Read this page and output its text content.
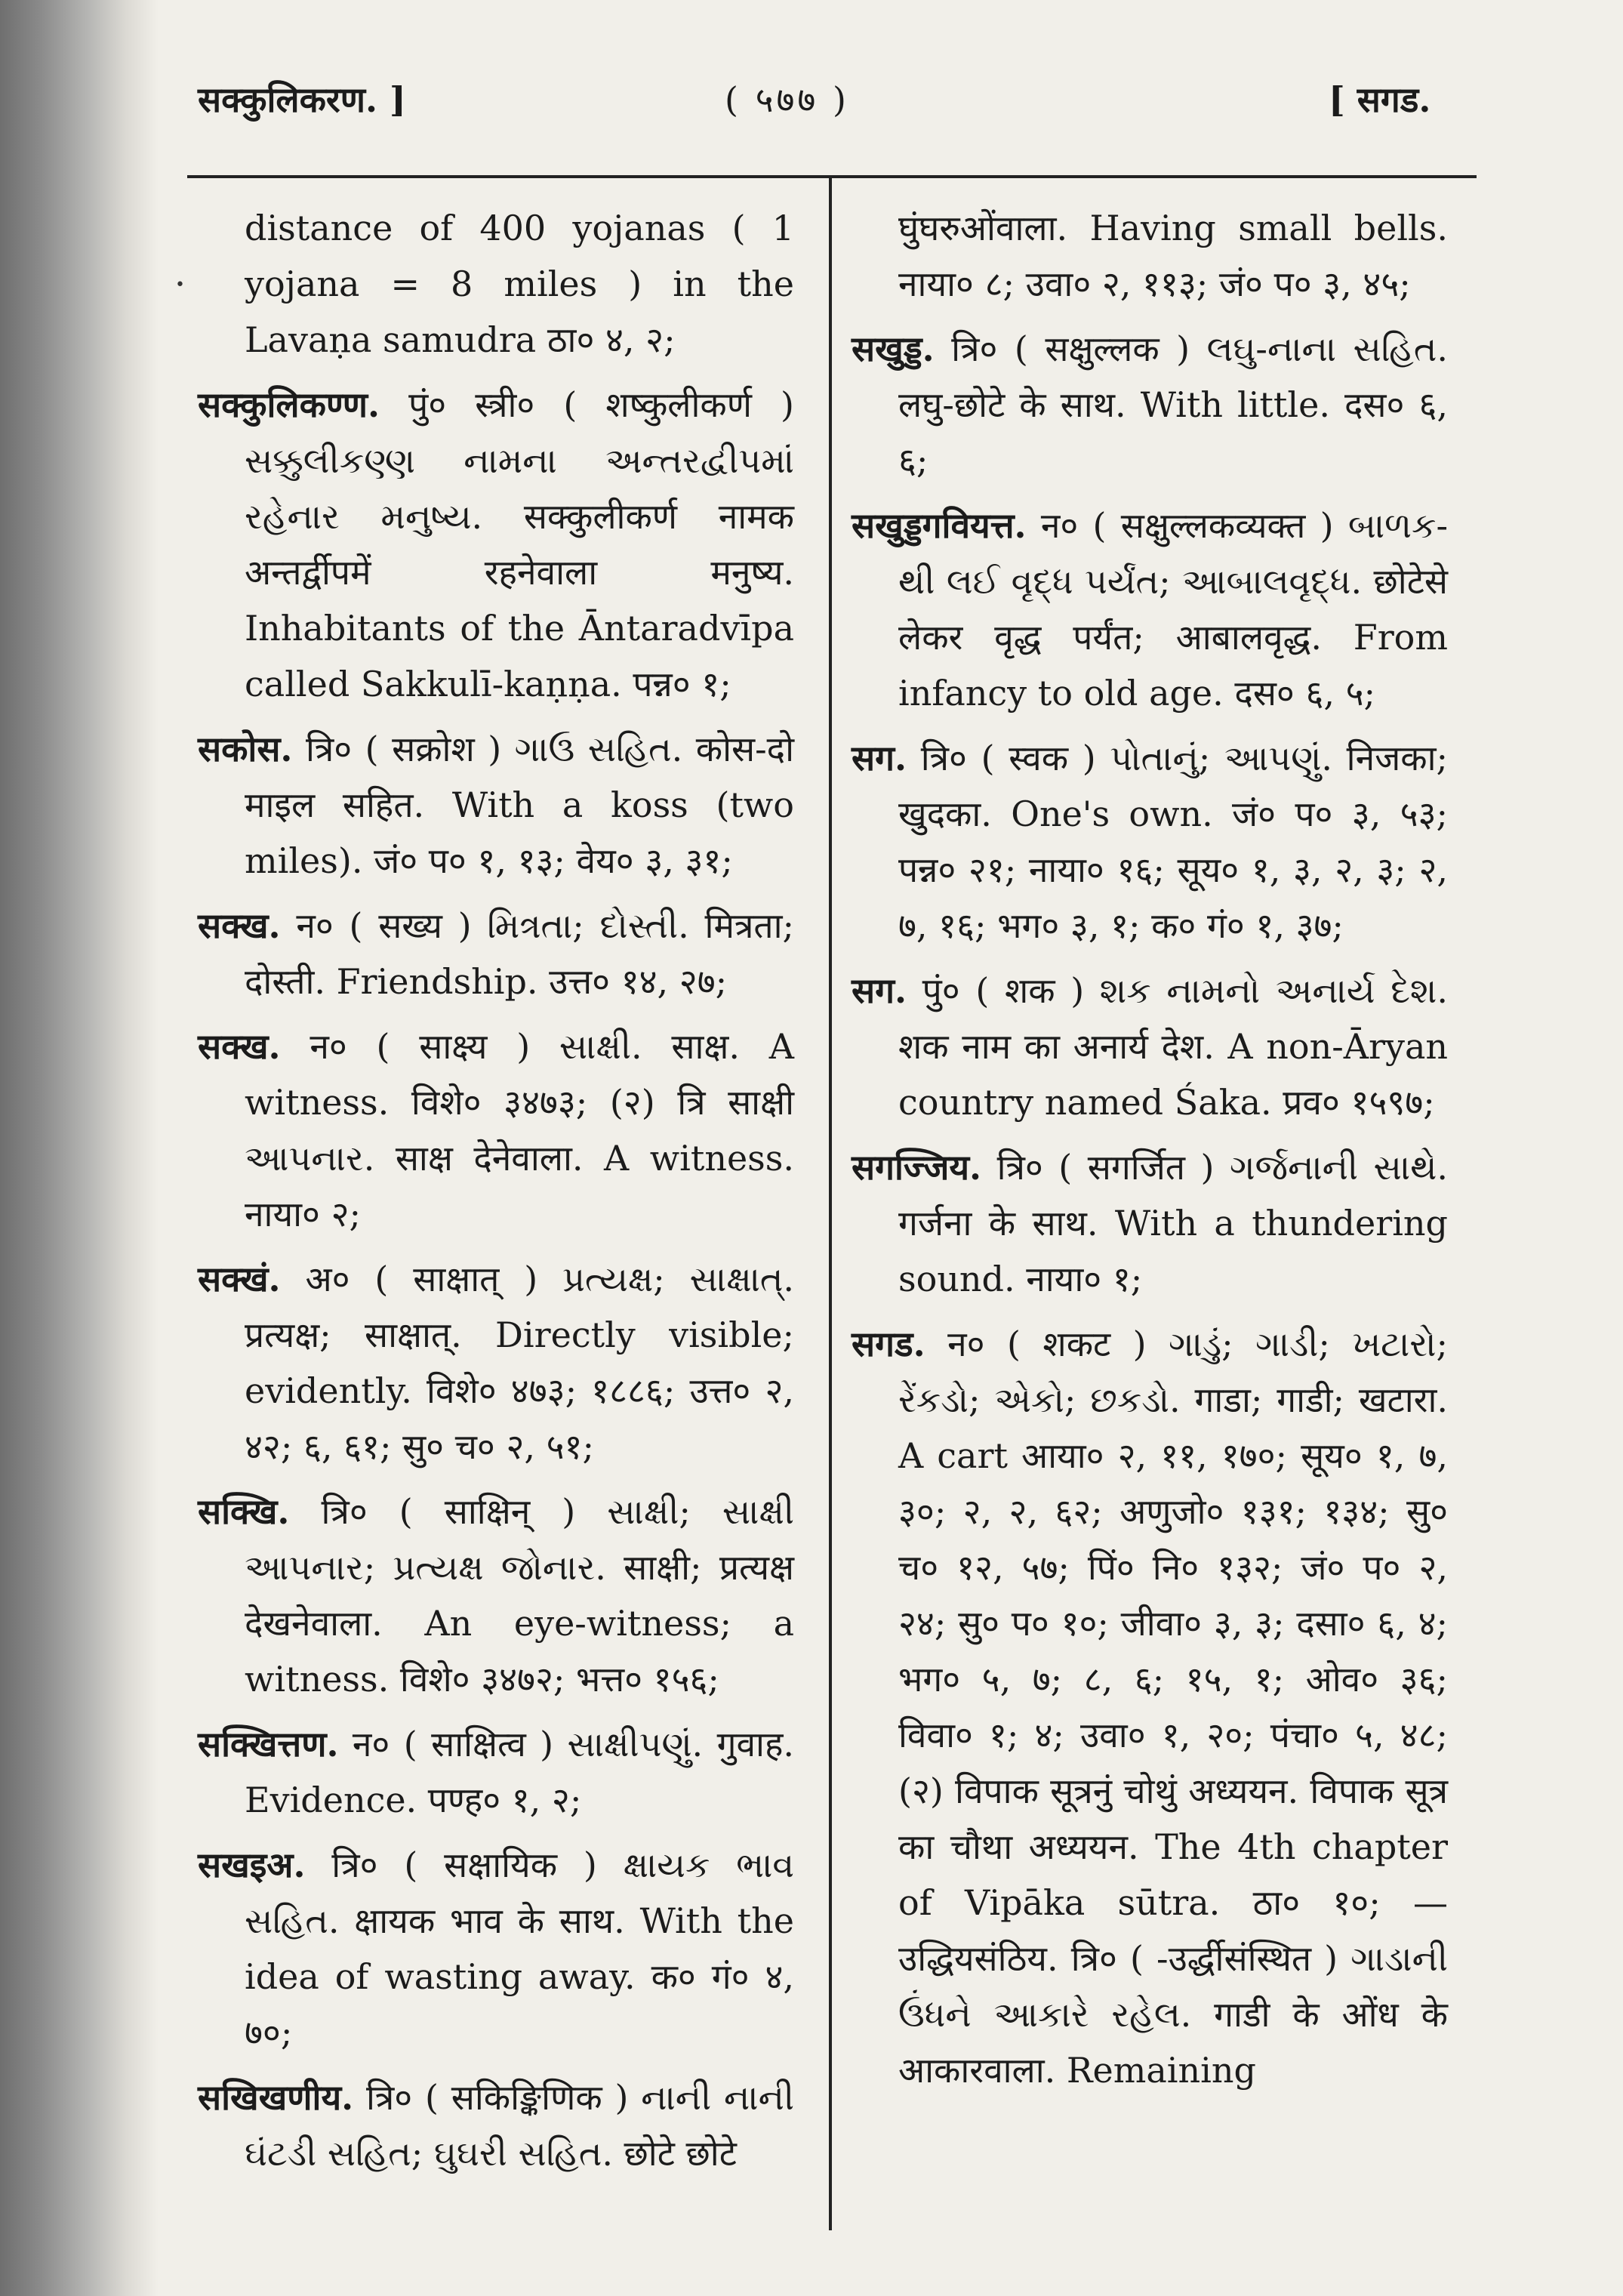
•
सक्कुलिकरण. ]	( ५७७ )	[ सगड.

distance of 400 yojanas ( 1 yojana = 8 miles ) in the Lavaṇa samudra ठा० ४, २;

सक्कुलिकण्ण. पुं० स्त्री० ( शष्कुलीकर्ण ) સક્કુલીકણ્ણ નામના અન્તરદ્વીપમાં રહેનાર મનુષ્ય. सक्कुलीकर्ण नामक अन्तर्द्वीपमें रहनेवाला मनुष्य. Inhabitants of the Āntaradvīpa called Sakkulī-kaṇṇa. पन्न० १;

सकोस. त्रि० ( सक्रोश ) ગાઉ સહિત. कोस-दो माइल सहित. With a koss (two miles). जं० प० १, १३; वेय० ३, ३१;

सक्ख. न० ( सख्य ) મિત્રતા; દોસ્તી. मित्रता; दोस्ती. Friendship. उत्त० १४, २७;

सक्ख. न० ( साक्ष्य ) સાક્ષી. साक्ष. A witness. विशे० ३४७३; (२) त्रि साक्षी આપનાર. साक्ष देनेवाला. A witness. नाया० २;

सक्खं. अ० ( साक्षात् ) પ્રત્યક્ષ; સાક્ષાત્. प्रत्यक्ष; साक्षात्. Directly visible; evidently. विशे० ४७३; १८८६; उत्त० २, ४२; ६, ६१; सु० च० २, ५१;

सक्खि. त्रि० ( साक्षिन् ) સાક્ષી; સાક્ષી આપનાર; પ્રત્યક્ષ જોનાર. साक्षी; प्रत्यक्ष देखनेवाला. An eye-witness; a witness. विशे० ३४७२; भत्त० १५६;

सक्खित्तण. न० ( साक्षित्व ) સાક્ષીપણું. गुवाह. Evidence. पण्ह० १, २;

सखइअ. त्रि० ( सक्षायिक ) ક્ષાયક ભાવ સહિત. क्षायक भाव के साथ. With the idea of wasting away. क० गं० ४, ७०;

सखिखणीय. त्रि० ( सकिङ्किणिक ) નાની નાની ઘંટડી સહિત; ઘુઘરી સહિત. छोटे छोटे

घुंघरुओंवाला. Having small bells. नाया० ८; उवा० २, ११३; जं० प० ३, ४५;

सखुड्ड. त्रि० ( सक्षुल्लक ) લઘુ-નાના સહિત. लघु-छोटे के साथ. With little. दस० ६, ६;

सखुड्डगवियत्त. न० ( सक्षुल्लकव्यक्त ) બાળક-થી લઈ વૃદ્ધ પર્યંત; આબાલવૃદ્ધ. छोटेसे लेकर वृद्ध पर्यंत; आबालवृद्ध. From infancy to old age. दस० ६, ५;

सग. त्रि० ( स्वक ) પોતાનું; આપણું. निजका; खुदका. One's own. जं० प० ३, ५३; पन्न० २१; नाया० १६; सूय० १, ३, २, ३; २, ७, १६; भग० ३, १; क० गं० १, ३७;

सग. पुं० ( शक ) શક નામનો અનાર્ય દેશ. शक नाम का अनार्य देश. A non-Āryan country named Śaka. प्रव० १५९७;

सगज्जिय. त्रि० ( सगर्जित ) ગર્જનાની સાથે. गर्जना के साथ. With a thundering sound. नाया० १;

सगड. न० ( शकट ) ગાડું; ગાડી; ખટારો; રેંકડો; એકો; છકડો. गाडा; गाडी; खटारा. A cart आया० २, ११, १७०; सूय० १, ७, ३०; २, २, ६२; अणुजो० १३१; १३४; सु० च० १२, ५७; पिं० नि० १३२; जं० प० २, २४; सु० प० १०; जीवा० ३, ३; दसा० ६, ४; भग० ५, ७; ८, ६; १५, १; ओव० ३६; विवा० १; ४; उवा० १, २०; पंचा० ५, ४८; (२) विपाक सूत्रनुं चोथुं अध्ययन. विपाक सूत्र का चौथा अध्ययन. The 4th chapter of Vipāka sūtra. ठा० १०; —उद्धियसंठिय. त्रि० ( -उर्द्धीसंस्थित ) ગાડાની ઉંધને આકારે રહેલ. गाडी के ओंध के आकारवाला. Remaining
